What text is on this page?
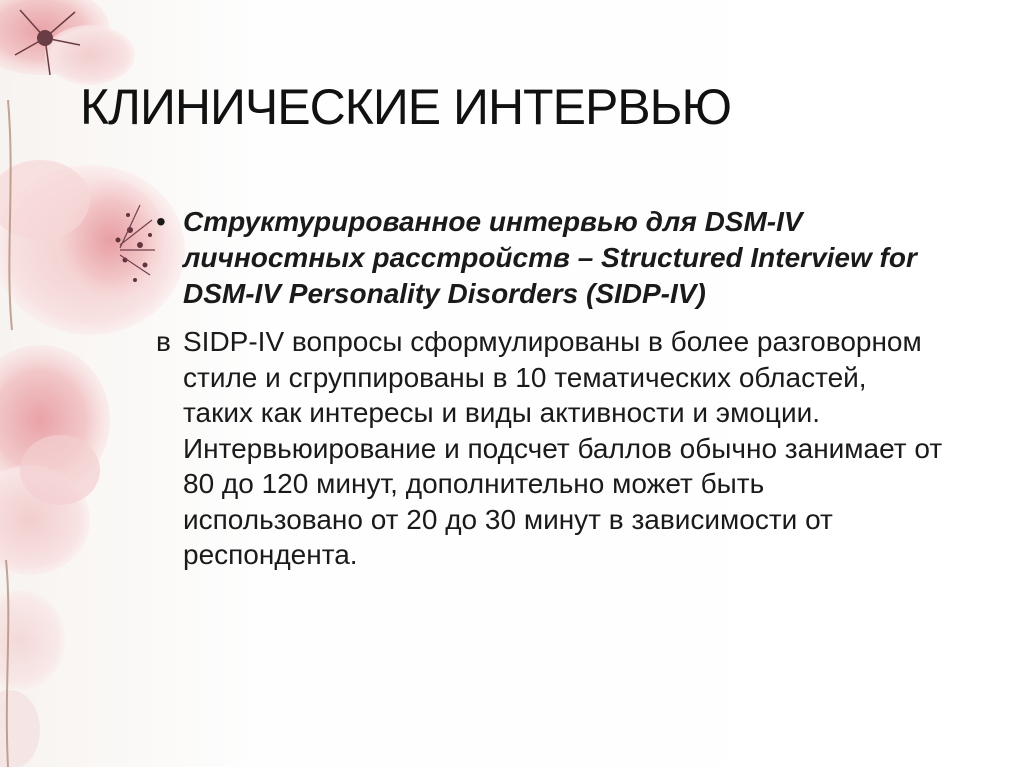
КЛИНИЧЕСКИЕ ИНТЕРВЬЮ
• Структурированное интервью для DSM-IV личностных расстройств – Structured Interview for DSM-IV Personality Disorders (SIDP-IV)
в SIDP-IV вопросы сформулированы в более разговорном стиле и сгруппированы в 10 тематических областей, таких как интересы и виды активности и эмоции. Интервьюирование и подсчет баллов обычно занимает от 80 до 120 минут, дополнительно может быть использовано от 20 до 30 минут в зависимости от респондента.
